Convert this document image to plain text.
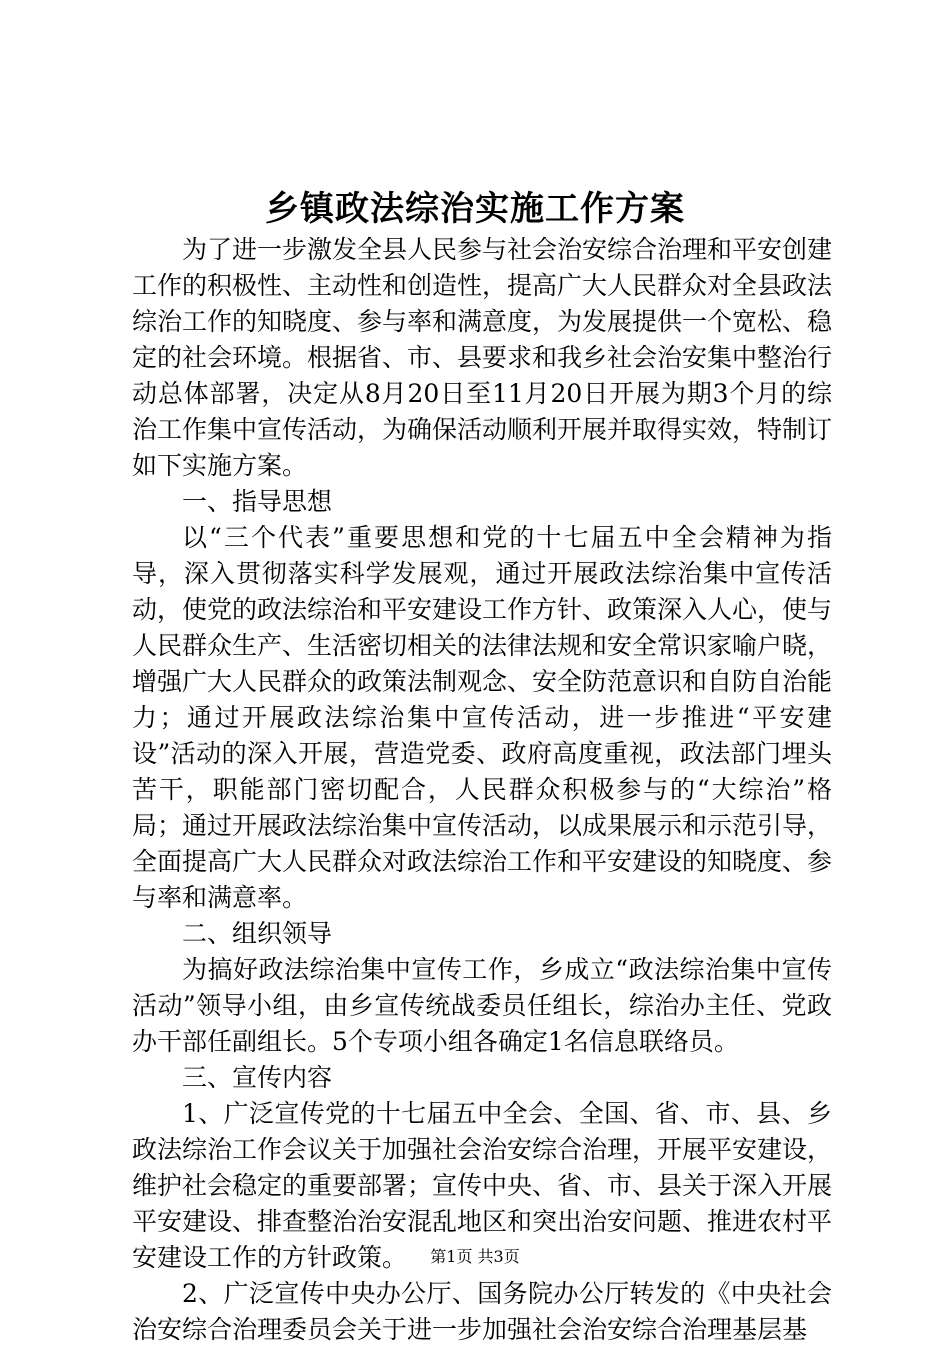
乡镇政法综治实施工作方案

为了进一步激发全县人民参与社会治安综合治理和平安创建工作的积极性、主动性和创造性，提高广大人民群众对全县政法综治工作的知晓度、参与率和满意度，为发展提供一个宽松、稳定的社会环境。根据省、市、县要求和我乡社会治安集中整治行动总体部署，决定从8月20日至11月20日开展为期3个月的综治工作集中宣传活动，为确保活动顺利开展并取得实效，特制订如下实施方案。

一、指导思想

以“三个代表”重要思想和党的十七届五中全会精神为指导，深入贯彻落实科学发展观，通过开展政法综治集中宣传活动，使党的政法综治和平安建设工作方针、政策深入人心，使与人民群众生产、生活密切相关的法律法规和安全常识家喻户晓，增强广大人民群众的政策法制观念、安全防范意识和自防自治能力；通过开展政法综治集中宣传活动，进一步推进“平安建设”活动的深入开展，营造党委、政府高度重视，政法部门埋头苦干，职能部门密切配合，人民群众积极参与的“大综治”格局；通过开展政法综治集中宣传活动，以成果展示和示范引导，全面提高广大人民群众对政法综治工作和平安建设的知晓度、参与率和满意率。

二、组织领导

为搞好政法综治集中宣传工作，乡成立“政法综治集中宣传活动”领导小组，由乡宣传统战委员任组长，综治办主任、党政办干部任副组长。5个专项小组各确定1名信息联络员。

三、宣传内容

1、广泛宣传党的十七届五中全会、全国、省、市、县、乡政法综治工作会议关于加强社会治安综合治理，开展平安建设，维护社会稳定的重要部署；宣传中央、省、市、县关于深入开展平安建设、排查整治治安混乱地区和突出治安问题、推进农村平安建设工作的方针政策。

2、广泛宣传中央办公厅、国务院办公厅转发的《中央社会治安综合治理委员会关于进一步加强社会治安综合治理基层基

第1页 共3页
